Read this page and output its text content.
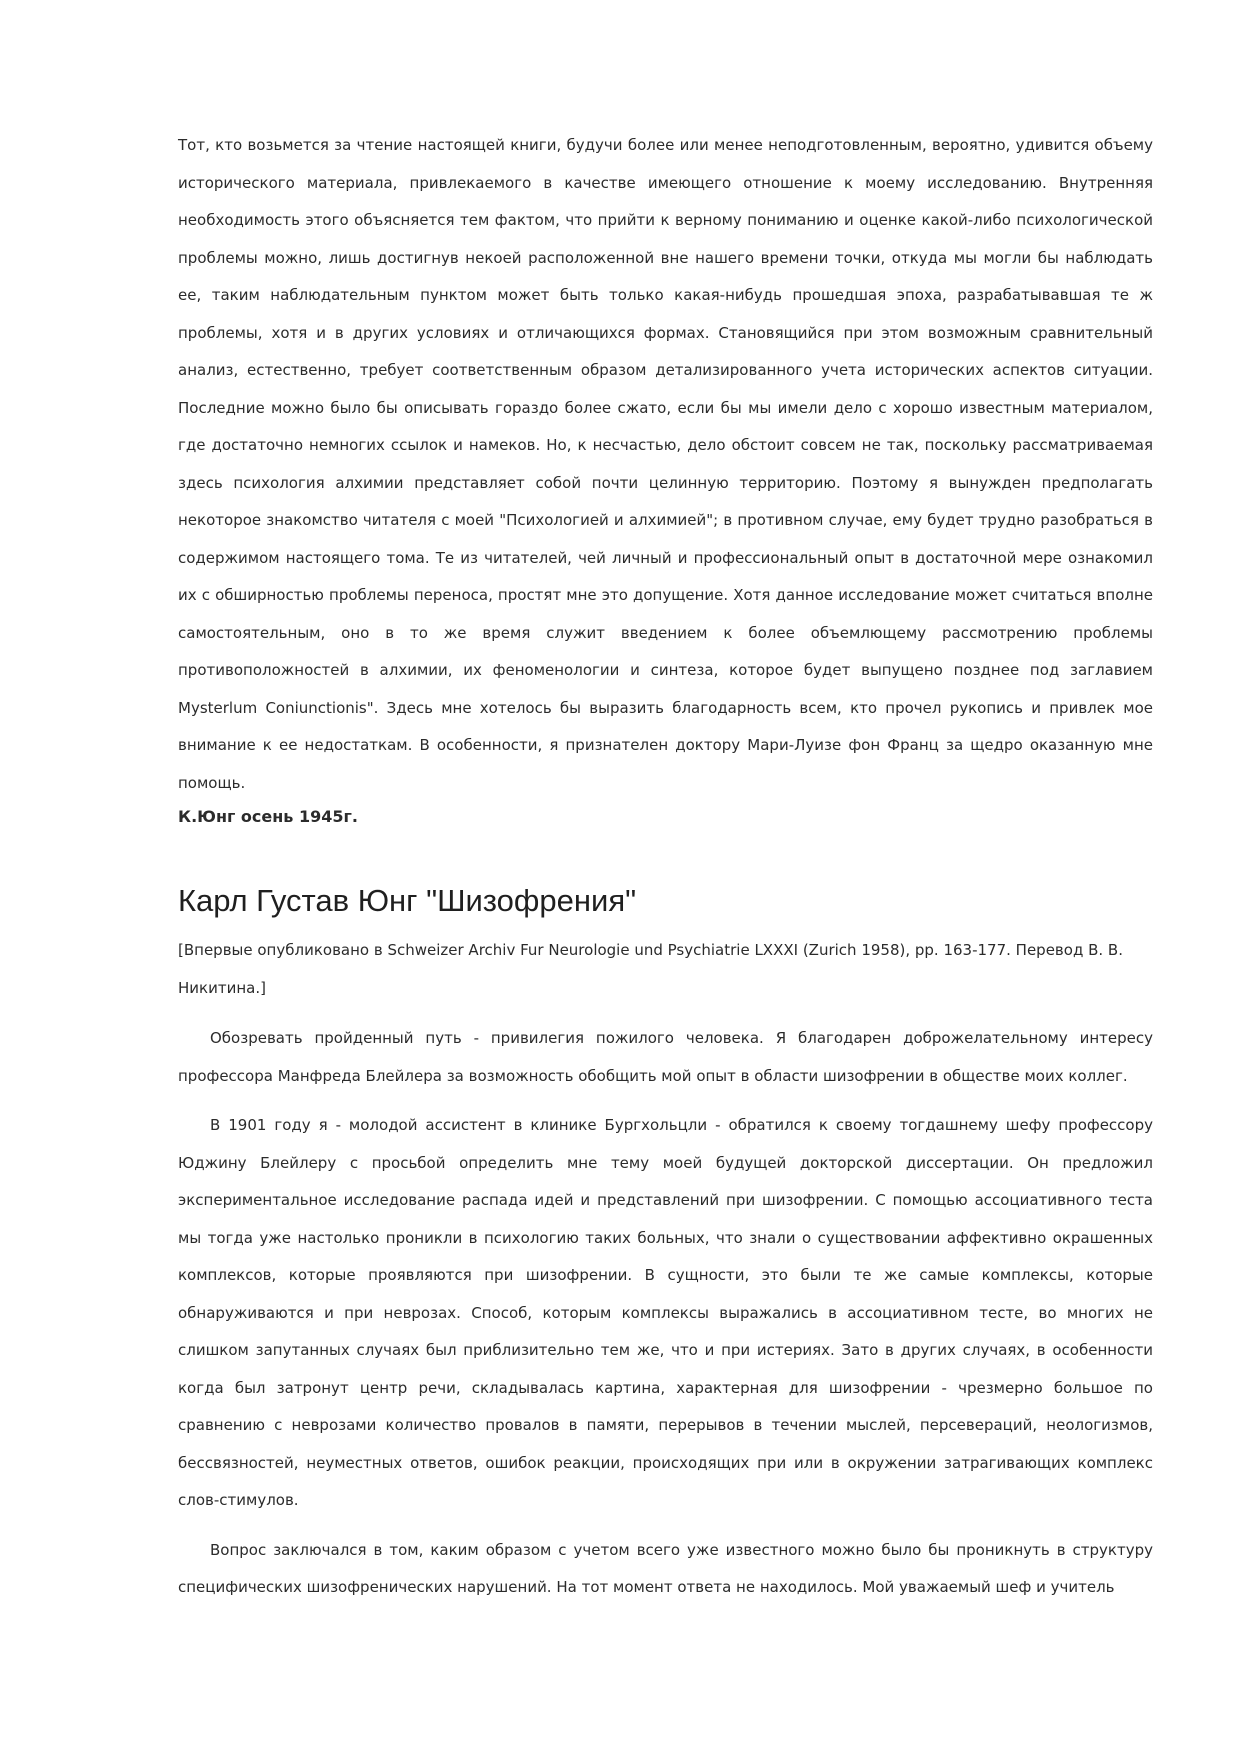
Тот, кто возьмется за чтение настоящей книги, будучи более или менее неподготовленным, вероятно, удивится объему исторического материала, привлекаемого в качестве имеющего отношение к моему исследованию. Внутренняя необходимость этого объясняется тем фактом, что прийти к верному пониманию и оценке какой-либо психологической проблемы можно, лишь достигнув некоей расположенной вне нашего времени точки, откуда мы могли бы наблюдать ее, таким наблюдательным пунктом может быть только какая-нибудь прошедшая эпоха, разрабатывавшая те ж проблемы, хотя и в других условиях и отличающихся формах. Становящийся при этом возможным сравнительный анализ, естественно, требует соответственным образом детализированного учета исторических аспектов ситуации. Последние можно было бы описывать гораздо более сжато, если бы мы имели дело с хорошо известным материалом, где достаточно немногих ссылок и намеков. Но, к несчастью, дело обстоит совсем не так, поскольку рассматриваемая здесь психология алхимии представляет собой почти целинную территорию. Поэтому я вынужден предполагать некоторое знакомство читателя с моей "Психологией и алхимией"; в противном случае, ему будет трудно разобраться в содержимом настоящего тома. Те из читателей, чей личный и профессиональный опыт в достаточной мере ознакомил их с обширностью проблемы переноса, простят мне это допущение. Хотя данное исследование может считаться вполне самостоятельным, оно в то же время служит введением к более объемлющему рассмотрению проблемы противоположностей в алхимии, их феноменологии и синтеза, которое будет выпущено позднее под заглавием Mysterlum Coniunctionis". Здесь мне хотелось бы выразить благодарность всем, кто прочел рукопись и привлек мое внимание к ее недостаткам. В особенности, я признателен доктору Мари-Луизе фон Франц за щедро оказанную мне помощь.

К.Юнг осень 1945г.

Карл Густав Юнг "Шизофрения"

[Впервые опубликовано в Schweizer Archiv Fur Neurologie und Psychiatrie LXXXI (Zurich 1958), pp. 163-177. Перевод В. В. Никитина.]

Обозревать пройденный путь - привилегия пожилого человека. Я благодарен доброжелательному интересу профессора Манфреда Блейлера за возможность обобщить мой опыт в области шизофрении в обществе моих коллег.

В 1901 году я - молодой ассистент в клинике Бургхольцли - обратился к своему тогдашнему шефу профессору Юджину Блейлеру с просьбой определить мне тему моей будущей докторской диссертации. Он предложил экспериментальное исследование распада идей и представлений при шизофрении. С помощью ассоциативного теста мы тогда уже настолько проникли в психологию таких больных, что знали о существовании аффективно окрашенных комплексов, которые проявляются при шизофрении. В сущности, это были те же самые комплексы, которые обнаруживаются и при неврозах. Способ, которым комплексы выражались в ассоциативном тесте, во многих не слишком запутанных случаях был приблизительно тем же, что и при истериях. Зато в других случаях, в особенности когда был затронут центр речи, складывалась картина, характерная для шизофрении - чрезмерно большое по сравнению с неврозами количество провалов в памяти, перерывов в течении мыслей, персевераций, неологизмов, бессвязностей, неуместных ответов, ошибок реакции, происходящих при или в окружении затрагивающих комплекс слов-стимулов.

Вопрос заключался в том, каким образом с учетом всего уже известного можно было бы проникнуть в структуру специфических шизофренических нарушений. На тот момент ответа не находилось. Мой уважаемый шеф и учитель
